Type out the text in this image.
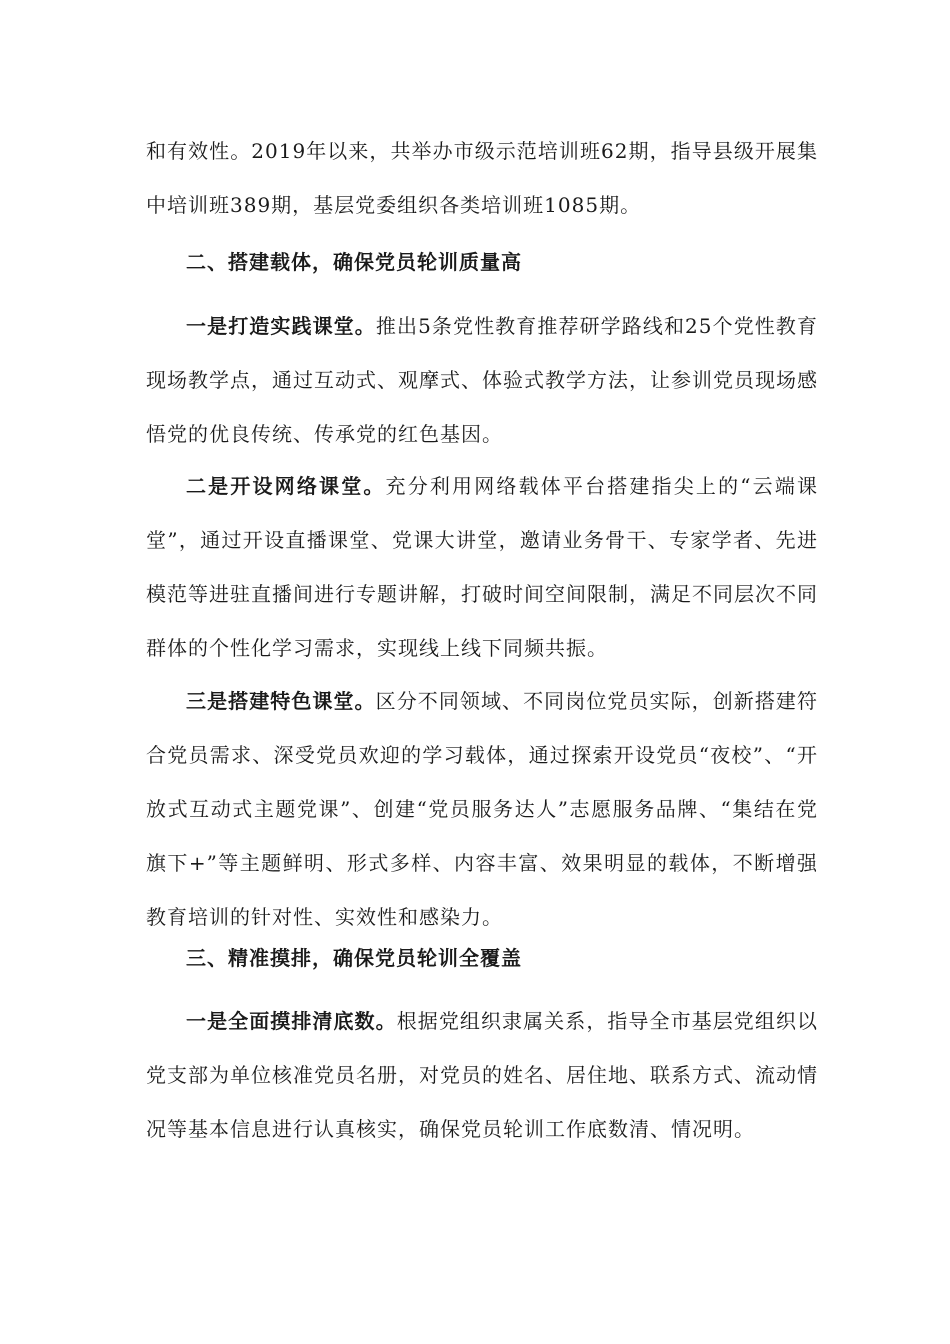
和有效性。2019年以来，共举办市级示范培训班62期，指导县级开展集中培训班389期，基层党委组织各类培训班1085期。

二、搭建载体，确保党员轮训质量高

一是打造实践课堂。推出5条党性教育推荐研学路线和25个党性教育现场教学点，通过互动式、观摩式、体验式教学方法，让参训党员现场感悟党的优良传统、传承党的红色基因。

二是开设网络课堂。充分利用网络载体平台搭建指尖上的“云端课堂”，通过开设直播课堂、党课大讲堂，邀请业务骨干、专家学者、先进模范等进驻直播间进行专题讲解，打破时间空间限制，满足不同层次不同群体的个性化学习需求，实现线上线下同频共振。

三是搭建特色课堂。区分不同领域、不同岗位党员实际，创新搭建符合党员需求、深受党员欢迎的学习载体，通过探索开设党员“夜校”、“开放式互动式主题党课”、创建“党员服务达人”志愿服务品牌、“集结在党旗下+”等主题鲜明、形式多样、内容丰富、效果明显的载体，不断增强教育培训的针对性、实效性和感染力。

三、精准摸排，确保党员轮训全覆盖

一是全面摸排清底数。根据党组织隶属关系，指导全市基层党组织以党支部为单位核准党员名册，对党员的姓名、居住地、联系方式、流动情况等基本信息进行认真核实，确保党员轮训工作底数清、情况明。
